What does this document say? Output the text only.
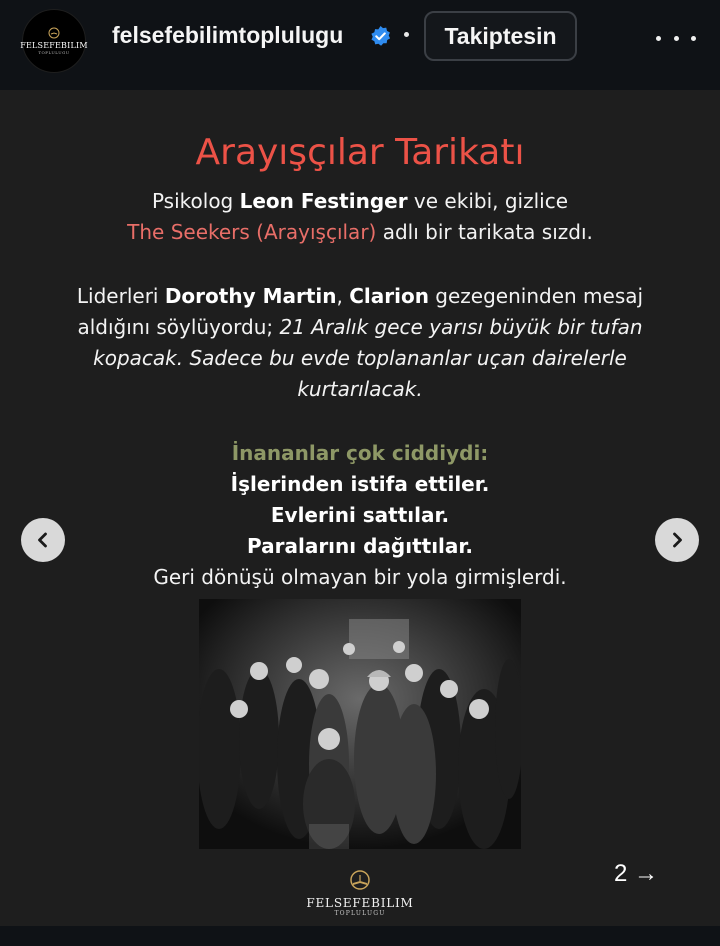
FELSEFEBILIM
TOPLULUGU
felsefebilimtoplulugu	Takiptesin
Arayışçılar Tarikatı
Psikolog Leon Festinger ve ekibi, gizlice
The Seekers (Arayışçılar) adlı bir tarikata sızdı.
Liderleri Dorothy Martin, Clarion gezegeninden mesaj aldığını söylüyordu; 21 Aralık gece yarısı büyük bir tufan kopacak. Sadece bu evde toplananlar uçan dairelerle kurtarılacak.
İnananlar çok ciddiydi:
İşlerinden istifa ettiler.
Evlerini sattılar.
Paralarını dağıttılar.
Geri dönüşü olmayan bir yola girmişlerdi.
2 →
FELSEFEBILIM
TOPLULUGU
